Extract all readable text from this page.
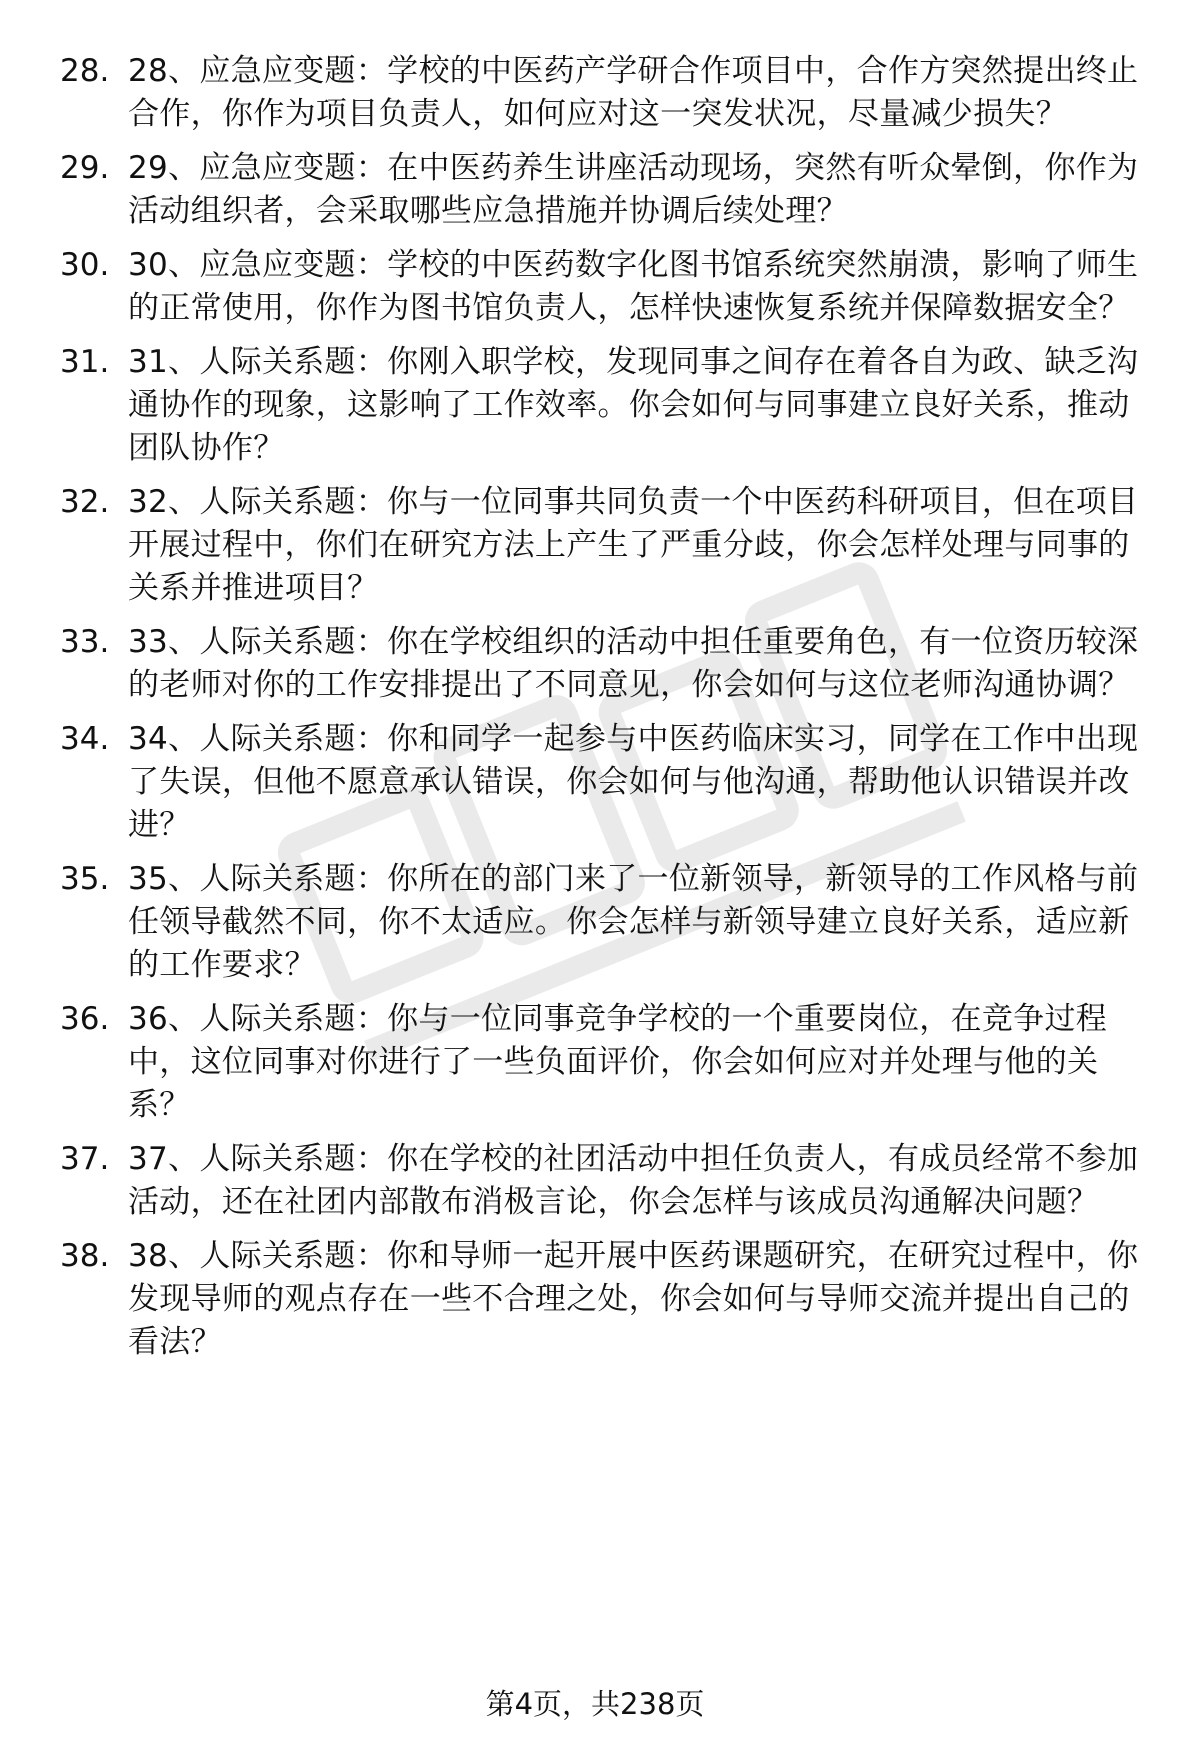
28. 28、应急应变题：学校的中医药产学研合作项目中，合作方突然提出终止合作，你作为项目负责人，如何应对这一突发状况，尽量减少损失？
29. 29、应急应变题：在中医药养生讲座活动现场，突然有听众晕倒，你作为活动组织者，会采取哪些应急措施并协调后续处理？
30. 30、应急应变题：学校的中医药数字化图书馆系统突然崩溃，影响了师生的正常使用，你作为图书馆负责人，怎样快速恢复系统并保障数据安全？
31. 31、人际关系题：你刚入职学校，发现同事之间存在着各自为政、缺乏沟通协作的现象，这影响了工作效率。你会如何与同事建立良好关系，推动团队协作？
32. 32、人际关系题：你与一位同事共同负责一个中医药科研项目，但在项目开展过程中，你们在研究方法上产生了严重分歧，你会怎样处理与同事的关系并推进项目？
33. 33、人际关系题：你在学校组织的活动中担任重要角色，有一位资历较深的老师对你的工作安排提出了不同意见，你会如何与这位老师沟通协调？
34. 34、人际关系题：你和同学一起参与中医药临床实习，同学在工作中出现了失误，但他不愿意承认错误，你会如何与他沟通，帮助他认识错误并改进？
35. 35、人际关系题：你所在的部门来了一位新领导，新领导的工作风格与前任领导截然不同，你不太适应。你会怎样与新领导建立良好关系，适应新的工作要求？
36. 36、人际关系题：你与一位同事竞争学校的一个重要岗位，在竞争过程中，这位同事对你进行了一些负面评价，你会如何应对并处理与他的关系？
37. 37、人际关系题：你在学校的社团活动中担任负责人，有成员经常不参加活动，还在社团内部散布消极言论，你会怎样与该成员沟通解决问题？
38. 38、人际关系题：你和导师一起开展中医药课题研究，在研究过程中，你发现导师的观点存在一些不合理之处，你会如何与导师交流并提出自己的看法？
第4页，共238页
